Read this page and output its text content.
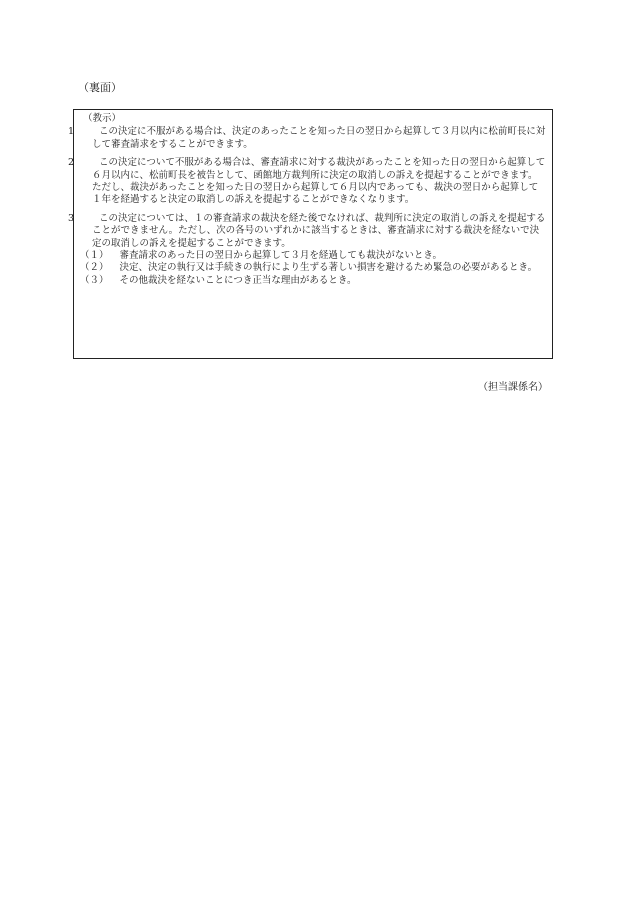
（裏面）
（教示）

1　　	この決定に不服がある場合は、決定のあったことを知った日の翌日から起算して３月以内に松前町長に対して審査請求をすることができます。

2　　	この決定について不服がある場合は、審査請求に対する裁決があったことを知った日の翌日から起算して６月以内に、松前町長を被告として、函館地方裁判所に決定の取消しの訴えを提起することができます。ただし、裁決があったことを知った日の翌日から起算して６月以内であっても、裁決の翌日から起算して１年を経過すると決定の取消しの訴えを提起することができなくなります。

3　　	この決定については、１の審査請求の裁決を経た後でなければ、裁判所に決定の取消しの訴えを提起することができません。ただし、次の各号のいずれかに該当するときは、審査請求に対する裁決を経ないで決定の取消しの訴えを提起することができます。

（１）　 審査請求のあった日の翌日から起算して３月を経過しても裁決がないとき。

（２）　 決定、決定の執行又は手続きの執行により生ずる著しい損害を避けるため緊急の必要があるとき。

（３）　 その他裁決を経ないことにつき正当な理由があるとき。

（担当課係名）
